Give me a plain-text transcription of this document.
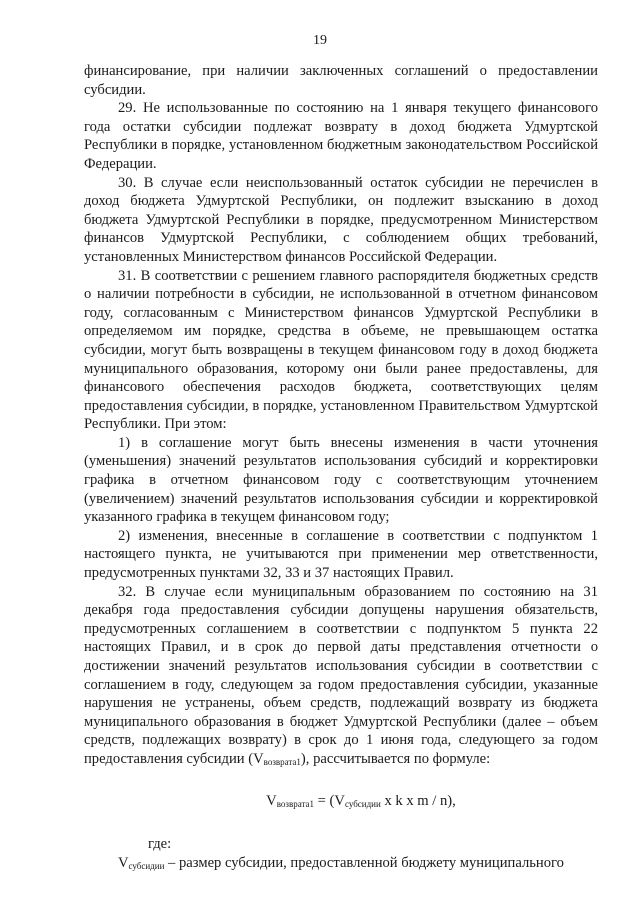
19

финансирование, при наличии заключенных соглашений о предоставлении субсидии.

29. Не использованные по состоянию на 1 января текущего финансового года остатки субсидии подлежат возврату в доход бюджета Удмуртской Республики в порядке, установленном бюджетным законодательством Российской Федерации.

30. В случае если неиспользованный остаток субсидии не перечислен в доход бюджета Удмуртской Республики, он подлежит взысканию в доход бюджета Удмуртской Республики в порядке, предусмотренном Министерством финансов Удмуртской Республики, с соблюдением общих требований, установленных Министерством финансов Российской Федерации.

31. В соответствии с решением главного распорядителя бюджетных средств о наличии потребности в субсидии, не использованной в отчетном финансовом году, согласованным с Министерством финансов Удмуртской Республики в определяемом им порядке, средства в объеме, не превышающем остатка субсидии, могут быть возвращены в текущем финансовом году в доход бюджета муниципального образования, которому они были ранее предоставлены, для финансового обеспечения расходов бюджета, соответствующих целям предоставления субсидии, в порядке, установленном Правительством Удмуртской Республики. При этом:

1) в соглашение могут быть внесены изменения в части уточнения (уменьшения) значений результатов использования субсидий и корректировки графика в отчетном финансовом году с соответствующим уточнением (увеличением) значений результатов использования субсидии и корректировкой указанного графика в текущем финансовом году;

2) изменения, внесенные в соглашение в соответствии с подпунктом 1 настоящего пункта, не учитываются при применении мер ответственности, предусмотренных пунктами 32, 33 и 37 настоящих Правил.

32. В случае если муниципальным образованием по состоянию на 31 декабря года предоставления субсидии допущены нарушения обязательств, предусмотренных соглашением в соответствии с подпунктом 5 пункта 22 настоящих Правил, и в срок до первой даты представления отчетности о достижении значений результатов использования субсидии в соответствии с соглашением в году, следующем за годом предоставления субсидии, указанные нарушения не устранены, объем средств, подлежащий возврату из бюджета муниципального образования в бюджет Удмуртской Республики (далее – объем средств, подлежащих возврату) в срок до 1 июня года, следующего за годом предоставления субсидии $(V_{возврата1})$, рассчитывается по формуле:

$V_{возврата1} = (V_{субсидии}$ x k x m / n),

где:

$V_{субсидии}$ – размер субсидии, предоставленной бюджету муниципального
